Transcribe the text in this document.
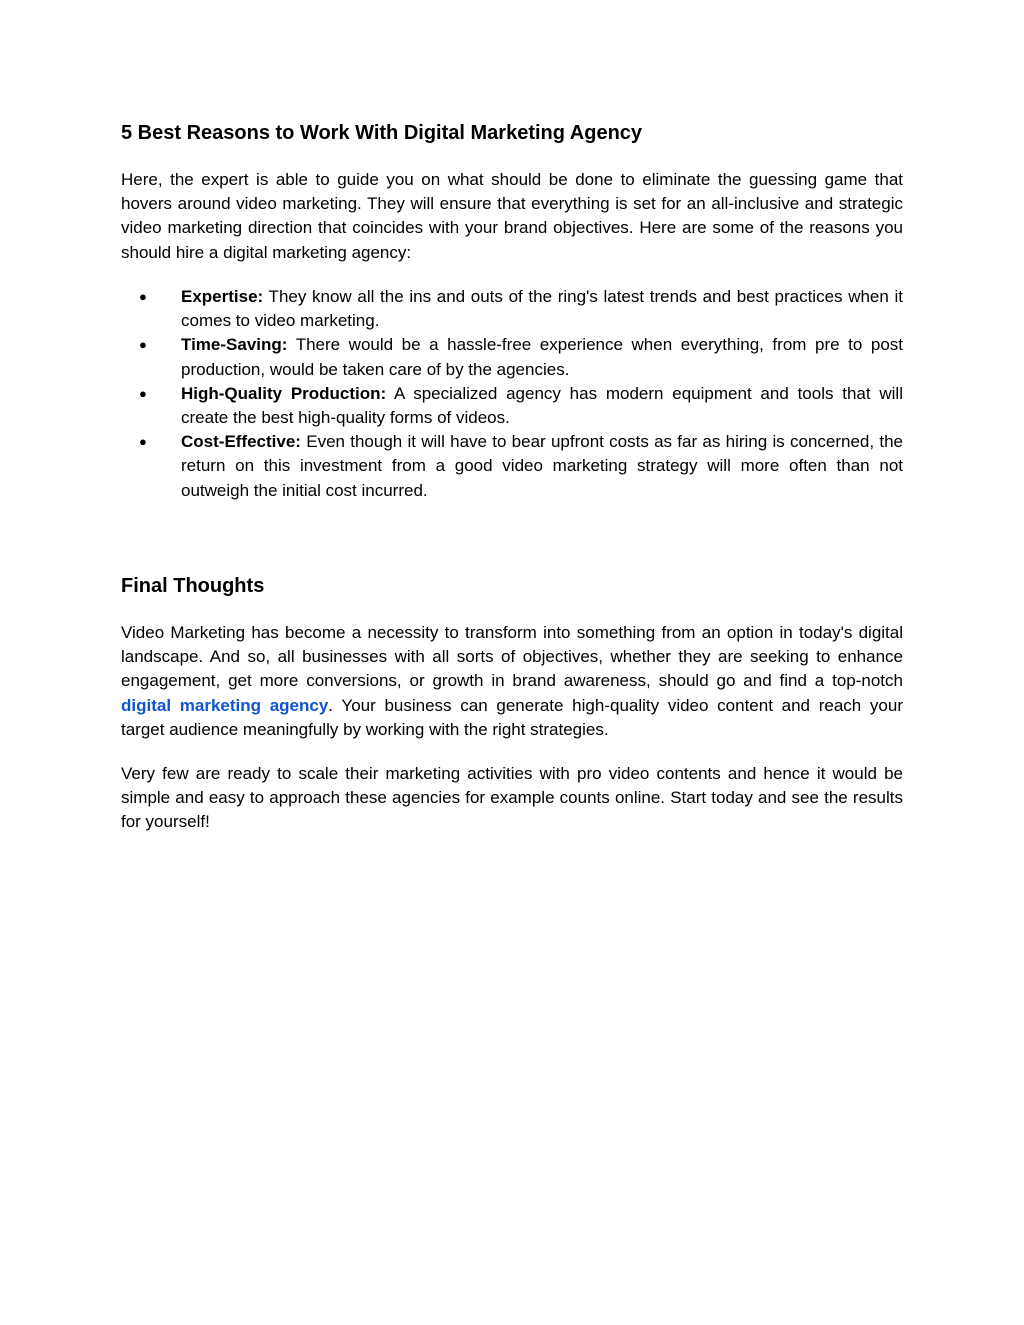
5 Best Reasons to Work With Digital Marketing Agency

Here, the expert is able to guide you on what should be done to eliminate the guessing game that hovers around video marketing. They will ensure that everything is set for an all-inclusive and strategic video marketing direction that coincides with your brand objectives. Here are some of the reasons you should hire a digital marketing agency:

● Expertise: They know all the ins and outs of the ring's latest trends and best practices when it comes to video marketing.
● Time-Saving: There would be a hassle-free experience when everything, from pre to post production, would be taken care of by the agencies.
● High-Quality Production: A specialized agency has modern equipment and tools that will create the best high-quality forms of videos.
● Cost-Effective: Even though it will have to bear upfront costs as far as hiring is concerned, the return on this investment from a good video marketing strategy will more often than not outweigh the initial cost incurred.
Final Thoughts

Video Marketing has become a necessity to transform into something from an option in today's digital landscape. And so, all businesses with all sorts of objectives, whether they are seeking to enhance engagement, get more conversions, or growth in brand awareness, should go and find a top-notch digital marketing agency. Your business can generate high-quality video content and reach your target audience meaningfully by working with the right strategies.

Very few are ready to scale their marketing activities with pro video contents and hence it would be simple and easy to approach these agencies for example counts online. Start today and see the results for yourself!
